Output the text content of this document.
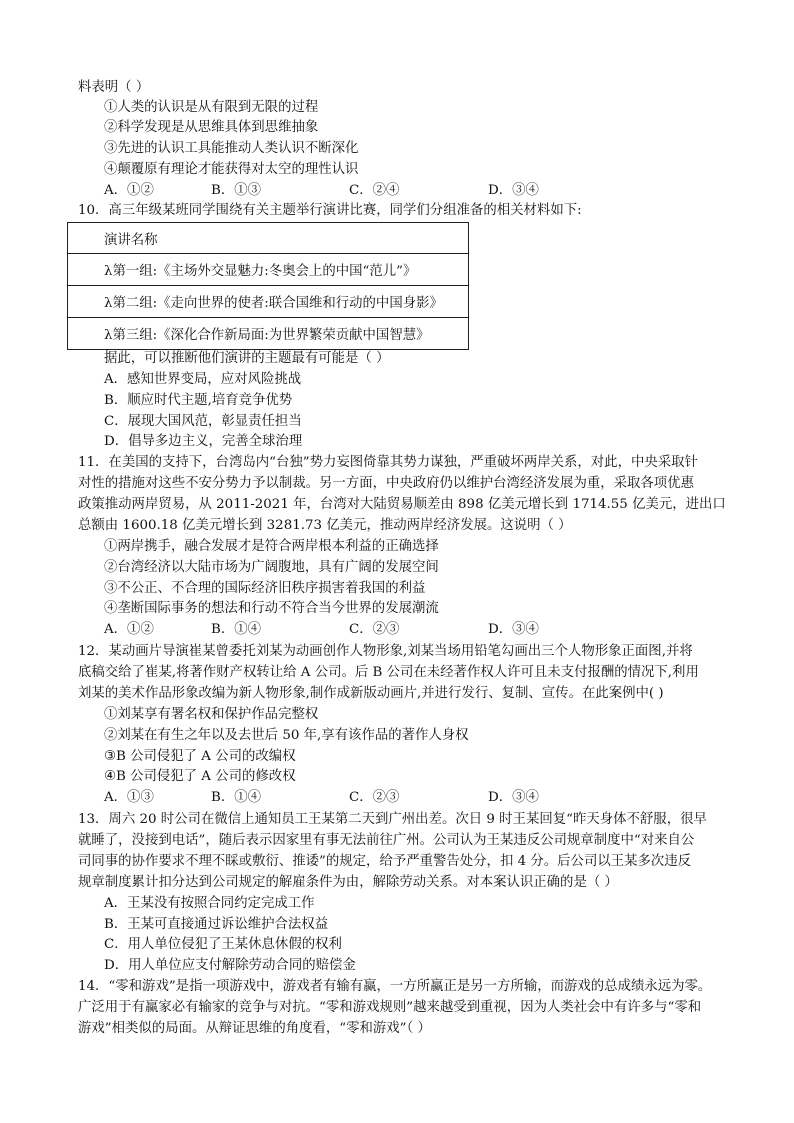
料表明（ ）
①人类的认识是从有限到无限的过程
②科学发现是从思维具体到思维抽象
③先进的认识工具能推动人类认识不断深化
④颠覆原有理论才能获得对太空的理性认识
A．①②	B．①③	C．②④	D．③④
10．高三年级某班同学围绕有关主题举行演讲比赛，同学们分组准备的相关材料如下:
演讲名称
λ第一组:《主场外交显魅力:冬奥会上的中国“范儿”》
λ第二组:《走向世界的使者:联合国维和行动的中国身影》
λ第三组:《深化合作新局面:为世界繁荣贡献中国智慧》
据此，可以推断他们演讲的主题最有可能是（ ）
A．感知世界变局，应对风险挑战
B．顺应时代主题,培育竞争优势
C．展现大国风范，彰显责任担当
D．倡导多边主义，完善全球治理
11．在美国的支持下，台湾岛内“台独”势力妄图倚靠其势力谋独，严重破坏两岸关系，对此，中央采取针
对性的措施对这些不安分势力予以制裁。另一方面，中央政府仍以维护台湾经济发展为重，采取各项优惠
政策推动两岸贸易，从 2011-2021 年，台湾对大陆贸易顺差由 898 亿美元增长到 1714.55 亿美元，进出口
总额由 1600.18 亿美元增长到 3281.73 亿美元，推动两岸经济发展。这说明（ ）
①两岸携手，融合发展才是符合两岸根本利益的正确选择
②台湾经济以大陆市场为广阔腹地，具有广阔的发展空间
③不公正、不合理的国际经济旧秩序损害着我国的利益
④垄断国际事务的想法和行动不符合当今世界的发展潮流
A．①②	B．①④	C．②③	D．③④
12．某动画片导演崔某曾委托刘某为动画创作人物形象,刘某当场用铅笔勾画出三个人物形象正面图,并将
底稿交给了崔某,将著作财产权转让给 A 公司。后 B 公司在未经著作权人许可且未支付报酬的情况下,利用
刘某的美术作品形象改编为新人物形象,制作成新版动画片,并进行发行、复制、宣传。在此案例中( )
①刘某享有署名权和保护作品完整权
②刘某在有生之年以及去世后 50 年,享有该作品的著作人身权
③B 公司侵犯了 A 公司的改编权
④B 公司侵犯了 A 公司的修改权
A．①③	B．①④	C．②③	D．③④
13．周六 20 时公司在微信上通知员工王某第二天到广州出差。次日 9 时王某回复“昨天身体不舒服，很早
就睡了，没接到电话”，随后表示因家里有事无法前往广州。公司认为王某违反公司规章制度中“对来自公
司同事的协作要求不理不睬或敷衍、推诿”的规定，给予严重警告处分，扣 4 分。后公司以王某多次违反
规章制度累计扣分达到公司规定的解雇条件为由，解除劳动关系。对本案认识正确的是（ ）
A．王某没有按照合同约定完成工作
B．王某可直接通过诉讼维护合法权益
C．用人单位侵犯了王某休息休假的权利
D．用人单位应支付解除劳动合同的赔偿金
14．“零和游戏”是指一项游戏中，游戏者有输有赢，一方所赢正是另一方所输，而游戏的总成绩永远为零。
广泛用于有赢家必有输家的竞争与对抗。“零和游戏规则”越来越受到重视，因为人类社会中有许多与“零和
游戏”相类似的局面。从辩证思维的角度看，“零和游戏”（ ）
